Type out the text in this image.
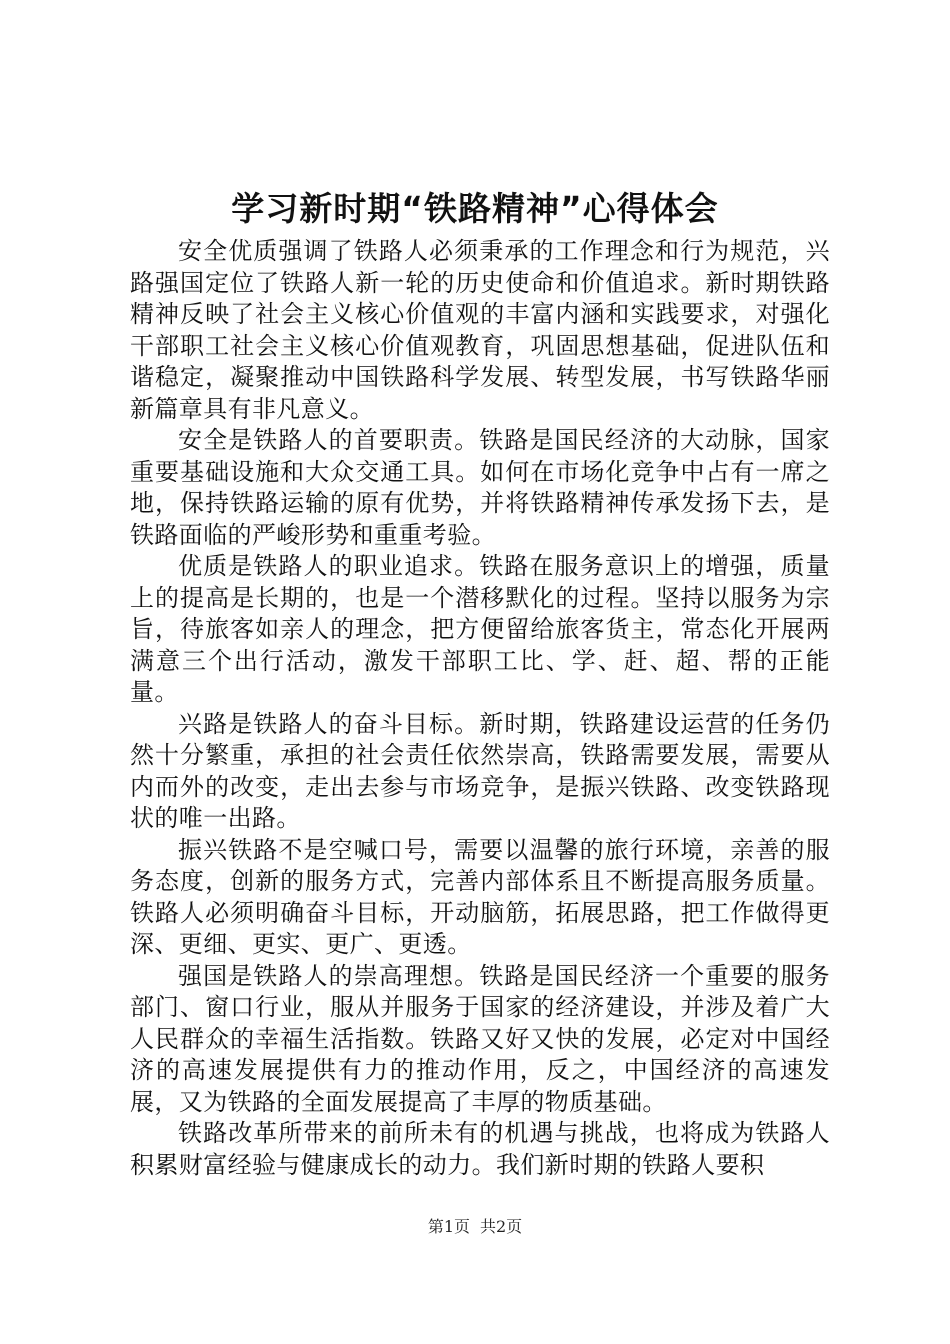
学习新时期“铁路精神”心得体会

安全优质强调了铁路人必须秉承的工作理念和行为规范，兴路强国定位了铁路人新一轮的历史使命和价值追求。新时期铁路精神反映了社会主义核心价值观的丰富内涵和实践要求，对强化干部职工社会主义核心价值观教育，巩固思想基础，促进队伍和谐稳定，凝聚推动中国铁路科学发展、转型发展，书写铁路华丽新篇章具有非凡意义。

安全是铁路人的首要职责。铁路是国民经济的大动脉，国家重要基础设施和大众交通工具。如何在市场化竞争中占有一席之地，保持铁路运输的原有优势，并将铁路精神传承发扬下去，是铁路面临的严峻形势和重重考验。

优质是铁路人的职业追求。铁路在服务意识上的增强，质量上的提高是长期的，也是一个潜移默化的过程。坚持以服务为宗旨，待旅客如亲人的理念，把方便留给旅客货主，常态化开展两满意三个出行活动，激发干部职工比、学、赶、超、帮的正能量。

兴路是铁路人的奋斗目标。新时期，铁路建设运营的任务仍然十分繁重，承担的社会责任依然崇高，铁路需要发展，需要从内而外的改变，走出去参与市场竞争，是振兴铁路、改变铁路现状的唯一出路。

振兴铁路不是空喊口号，需要以温馨的旅行环境，亲善的服务态度，创新的服务方式，完善内部体系且不断提高服务质量。铁路人必须明确奋斗目标，开动脑筋，拓展思路，把工作做得更深、更细、更实、更广、更透。

强国是铁路人的崇高理想。铁路是国民经济一个重要的服务部门、窗口行业，服从并服务于国家的经济建设，并涉及着广大人民群众的幸福生活指数。铁路又好又快的发展，必定对中国经济的高速发展提供有力的推动作用，反之，中国经济的高速发展，又为铁路的全面发展提高了丰厚的物质基础。

铁路改革所带来的前所未有的机遇与挑战，也将成为铁路人积累财富经验与健康成长的动力。我们新时期的铁路人要积

第1页 共2页
